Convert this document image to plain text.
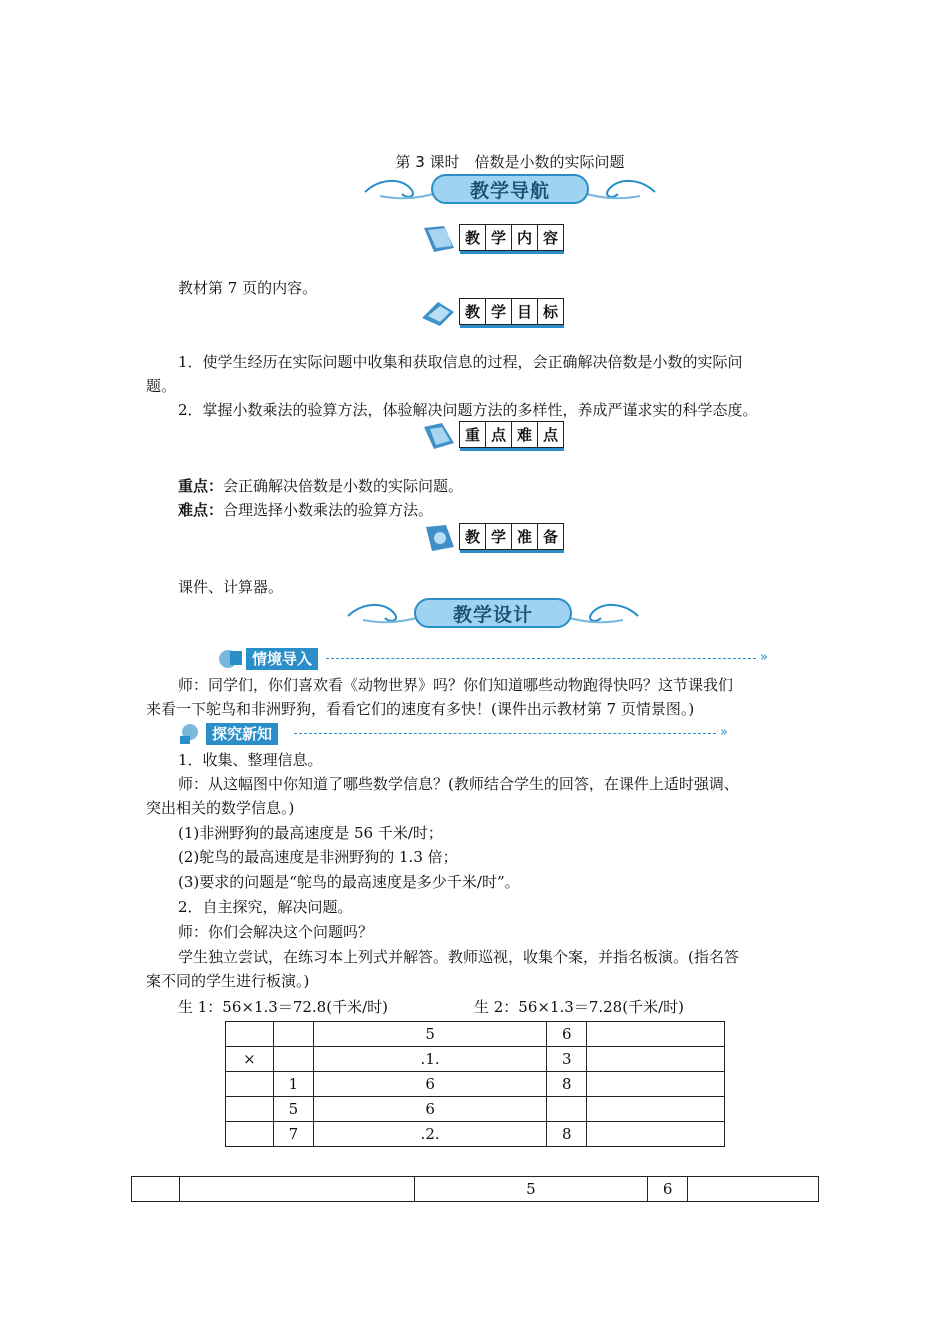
第 3 课时　倍数是小数的实际问题
教学导航
教 学 内 容
教材第 7 页的内容。
教 学 目 标
1．使学生经历在实际问题中收集和获取信息的过程，会正确解决倍数是小数的实际问
题。
2．掌握小数乘法的验算方法，体验解决问题方法的多样性，养成严谨求实的科学态度。
重 点 难 点
重点：会正确解决倍数是小数的实际问题。
难点：合理选择小数乘法的验算方法。
教 学 准 备
课件、计算器。
教学设计
情境导入	»
师：同学们，你们喜欢看《动物世界》吗？你们知道哪些动物跑得快吗？这节课我们
来看一下鸵鸟和非洲野狗，看看它们的速度有多快！(课件出示教材第 7 页情景图。)
探究新知	»
1．收集、整理信息。
师：从这幅图中你知道了哪些数学信息？(教师结合学生的回答，在课件上适时强调、
突出相关的数学信息。)
(1)非洲野狗的最高速度是 56 千米/时；
(2)鸵鸟的最高速度是非洲野狗的 1.3 倍；
(3)要求的问题是“鸵鸟的最高速度是多少千米/时”。
2．自主探究，解决问题。
师：你们会解决这个问题吗？
学生独立尝试，在练习本上列式并解答。教师巡视，收集个案，并指名板演。(指名答
案不同的学生进行板演。)
生 1：56×1.3＝72.8(千米/时)	生 2：56×1.3＝7.28(千米/时)
		5	6	
×		.1.	3	
	1	6	8	
	5	6		
	7	.2.	8	
		5	6	
